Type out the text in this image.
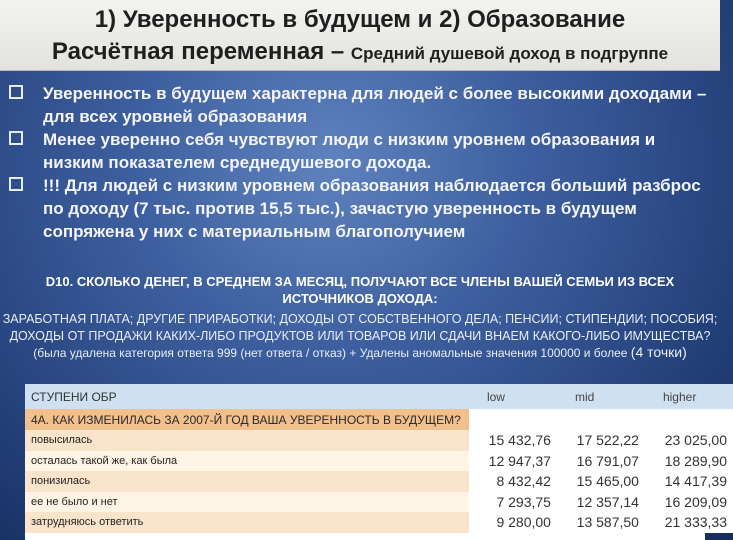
1) Уверенность в будущем и 2) Образование
Расчётная переменная – Средний душевой доход в подгруппе
Уверенность в будущем характерна для людей с более высокими доходами – для всех уровней образования
Менее уверенно себя чувствуют люди с низким уровнем образования и низким показателем среднедушевого дохода.
!!! Для людей с низким уровнем образования наблюдается больший разброс по доходу (7 тыс. против 15,5 тыс.), зачастую уверенность в будущем сопряжена у них с материальным благополучием
D10. СКОЛЬКО ДЕНЕГ, В СРЕДНЕМ ЗА МЕСЯЦ, ПОЛУЧАЮТ ВСЕ ЧЛЕНЫ ВАШЕЙ СЕМЬИ ИЗ ВСЕХ ИСТОЧНИКОВ ДОХОДА:
ЗАРАБОТНАЯ ПЛАТА; ДРУГИЕ ПРИРАБОТКИ; ДОХОДЫ ОТ СОБСТВЕННОГО ДЕЛА; ПЕНСИИ; СТИПЕНДИИ; ПОСОБИЯ; ДОХОДЫ ОТ ПРОДАЖИ КАКИХ-ЛИБО ПРОДУКТОВ ИЛИ ТОВАРОВ ИЛИ СДАЧИ ВНАЕМ КАКОГО-ЛИБО ИМУЩЕСТВА? (была удалена категория ответа 999 (нет ответа / отказ) + Удалены аномальные значения 100000 и более (4 точки)
СТУПЕНИ ОБР	low	mid	higher
4А. КАК ИЗМЕНИЛАСЬ ЗА 2007-Й ГОД ВАША УВЕРЕННОСТЬ В БУДУЩЕМ?			
повысилась	15 432,76	17 522,22	23 025,00
осталась такой же, как была	12 947,37	16 791,07	18 289,90
понизилась	8 432,42	15 465,00	14 417,39
ее не было и нет	7 293,75	12 357,14	16 209,09
затрудняюсь ответить	9 280,00	13 587,50	21 333,33
